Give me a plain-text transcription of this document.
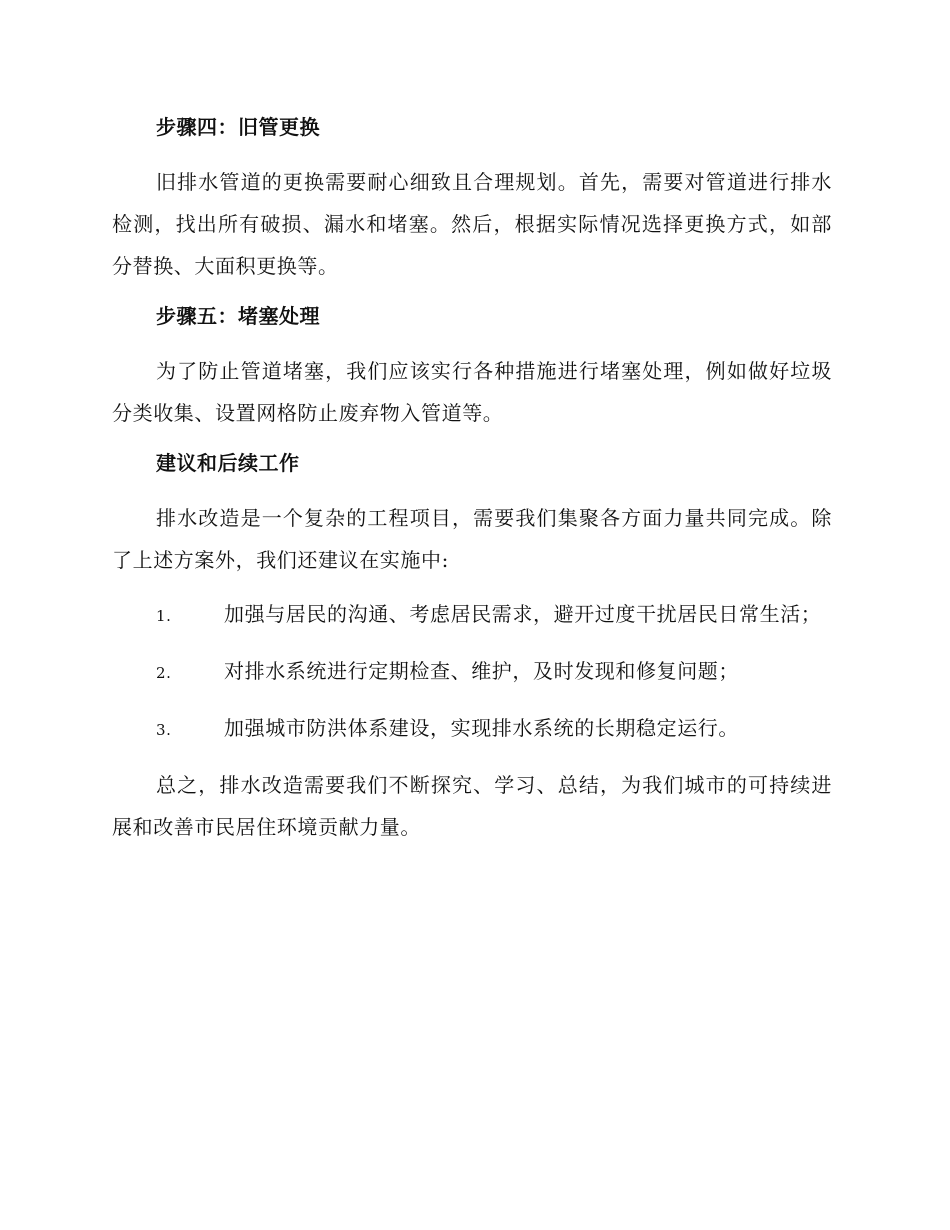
步骤四：旧管更换

旧排水管道的更换需要耐心细致且合理规划。首先，需要对管道进行排水检测，找出所有破损、漏水和堵塞。然后，根据实际情况选择更换方式，如部分替换、大面积更换等。

步骤五：堵塞处理

为了防止管道堵塞，我们应该实行各种措施进行堵塞处理，例如做好垃圾分类收集、设置网格防止废弃物入管道等。

建议和后续工作

排水改造是一个复杂的工程项目，需要我们集聚各方面力量共同完成。除了上述方案外，我们还建议在实施中:

1.	加强与居民的沟通、考虑居民需求，避开过度干扰居民日常生活；
2.	对排水系统进行定期检查、维护，及时发现和修复问题；
3.	加强城市防洪体系建设，实现排水系统的长期稳定运行。

总之，排水改造需要我们不断探究、学习、总结，为我们城市的可持续进展和改善市民居住环境贡献力量。
